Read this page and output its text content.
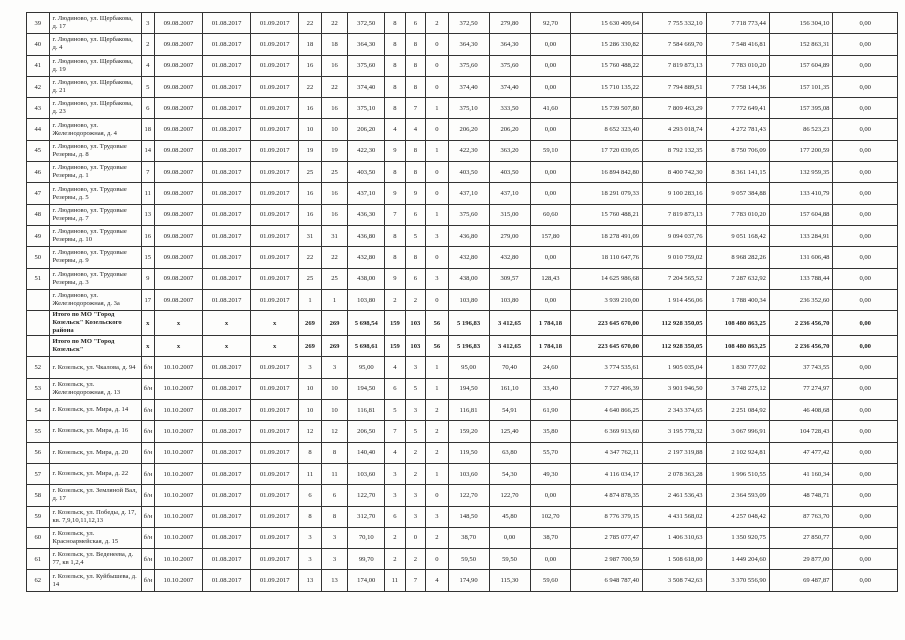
39	г. Людиново, ул. Щербакова, д. 17	3	09.08.2007	01.08.2017	01.09.2017	22	22	372,50	8	6	2	372,50	279,80	92,70	15 630 409,64	7 755 332,10	7 718 773,44	156 304,10	0,00
40	г. Людиново, ул. Щербакова, д. 4	2	09.08.2007	01.08.2017	01.09.2017	18	18	364,30	8	8	0	364,30	364,30	0,00	15 286 330,82	7 584 669,70	7 548 416,81	152 863,31	0,00
41	г. Людиново, ул. Щербакова, д. 19	4	09.08.2007	01.08.2017	01.09.2017	16	16	375,60	8	8	0	375,60	375,60	0,00	15 760 488,22	7 819 873,13	7 783 010,20	157 604,89	0,00
42	г. Людиново, ул. Щербакова, д. 21	5	09.08.2007	01.08.2017	01.09.2017	22	22	374,40	8	8	0	374,40	374,40	0,00	15 710 135,22	7 794 889,51	7 758 144,36	157 101,35	0,00
43	г. Людиново, ул. Щербакова, д. 23	6	09.08.2007	01.08.2017	01.09.2017	16	16	375,10	8	7	1	375,10	333,50	41,60	15 739 507,80	7 809 463,29	7 772 649,41	157 395,08	0,00
44	г. Людиново, ул. Железнодорожная, д. 4	18	09.08.2007	01.08.2017	01.09.2017	10	10	206,20	4	4	0	206,20	206,20	0,00	8 652 323,40	4 293 018,74	4 272 781,43	86 523,23	0,00
45	г. Людиново, ул. Трудовые Резервы, д. 8	14	09.08.2007	01.08.2017	01.09.2017	19	19	422,30	9	8	1	422,30	363,20	59,10	17 720 039,05	8 792 132,35	8 750 706,09	177 200,59	0,00
46	г. Людиново, ул. Трудовые Резервы, д. 1	7	09.08.2007	01.08.2017	01.09.2017	25	25	403,50	8	8	0	403,50	403,50	0,00	16 894 842,80	8 400 742,30	8 361 141,15	132 959,35	0,00
47	г. Людиново, ул. Трудовые Резервы, д. 5	11	09.08.2007	01.08.2017	01.09.2017	16	16	437,10	9	9	0	437,10	437,10	0,00	18 291 079,33	9 100 283,16	9 057 384,88	133 410,79	0,00
48	г. Людиново, ул. Трудовые Резервы, д. 7	13	09.08.2007	01.08.2017	01.09.2017	16	16	436,30	7	6	1	375,60	315,00	60,60	15 760 488,21	7 819 873,13	7 783 010,20	157 604,88	0,00
49	г. Людиново, ул. Трудовые Резервы, д. 10	16	09.08.2007	01.08.2017	01.09.2017	31	31	436,80	8	5	3	436,80	279,00	157,80	18 278 491,09	9 094 037,76	9 051 168,42	133 284,91	0,00
50	г. Людиново, ул. Трудовые Резервы, д. 9	15	09.08.2007	01.08.2017	01.09.2017	22	22	432,80	8	8	0	432,80	432,80	0,00	18 110 647,76	9 010 759,02	8 968 282,26	131 606,48	0,00
51	г. Людиново, ул. Трудовые Резервы, д. 3	9	09.08.2007	01.08.2017	01.09.2017	25	25	438,00	9	6	3	438,00	309,57	128,43	14 625 986,68	7 204 565,52	7 287 632,92	133 788,44	0,00
	г. Людиново, ул. Железнодорожная, д. 3а	17	09.08.2007	01.08.2017	01.09.2017	1	1	103,80	2	2	0	103,80	103,80	0,00	3 939 210,00	1 914 456,06	1 788 400,34	236 352,60	0,00
	Итого по МО "Город Козельск" Козельского района	x	x	x	x	269	269	5 698,54	159	103	56	5 196,83	3 412,65	1 784,18	223 645 670,00	112 928 350,05	108 480 863,25	2 236 456,70	0,00
	Итого по МО "Город Козельск"	x	x	x	x	269	269	5 698,61	159	103	56	5 196,83	3 412,65	1 784,18	223 645 670,00	112 928 350,05	108 480 863,25	2 236 456,70	0,00
52	г. Козельск, ул. Чкалова, д. 94	б/н	10.10.2007	01.08.2017	01.09.2017	3	3	95,00	4	3	1	95,00	70,40	24,60	3 774 535,61	1 905 035,04	1 830 777,02	37 743,55	0,00
53	г. Козельск, ул. Железнодорожная, д. 13	б/н	10.10.2007	01.08.2017	01.09.2017	10	10	194,50	6	5	1	194,50	161,10	33,40	7 727 496,39	3 901 946,50	3 748 275,12	77 274,97	0,00
54	г. Козельск, ул. Мира, д. 14	б/н	10.10.2007	01.08.2017	01.09.2017	10	10	116,81	5	3	2	116,81	54,91	61,90	4 640 866,25	2 343 374,65	2 251 084,92	46 408,68	0,00
55	г. Козельск, ул. Мира, д. 16	б/н	10.10.2007	01.08.2017	01.09.2017	12	12	206,50	7	5	2	159,20	125,40	35,80	6 369 913,60	3 195 778,32	3 067 996,91	104 728,43	0,00
56	г. Козельск, ул. Мира, д. 20	б/н	10.10.2007	01.08.2017	01.09.2017	8	8	140,40	4	2	2	119,50	63,80	55,70	4 347 762,11	2 197 319,88	2 102 924,81	47 477,42	0,00
57	г. Козельск, ул. Мира, д. 22	б/н	10.10.2007	01.08.2017	01.09.2017	11	11	103,60	3	2	1	103,60	54,30	49,30	4 116 034,17	2 078 363,28	1 996 510,55	41 160,34	0,00
58	г. Козельск, ул. Земляной Вал, д. 17	б/н	10.10.2007	01.08.2017	01.09.2017	6	6	122,70	3	3	0	122,70	122,70	0,00	4 874 878,35	2 461 536,43	2 364 593,09	48 748,71	0,00
59	г. Козельск, ул. Победы, д. 17, кв. 7,9,10,11,12,13	б/н	10.10.2007	01.08.2017	01.09.2017	8	8	312,70	6	3	3	148,50	45,80	102,70	8 776 379,15	4 431 568,02	4 257 048,42	87 763,70	0,00
60	г. Козельск, ул. Красноармейская, д. 15	б/н	10.10.2007	01.08.2017	01.09.2017	3	3	70,10	2	0	2	38,70	0,00	38,70	2 785 077,47	1 406 310,63	1 350 920,75	27 850,77	0,00
61	г. Козельск, ул. Веденеева, д. 77, кв 1,2,4	б/н	10.10.2007	01.08.2017	01.09.2017	3	3	99,70	2	2	0	59,50	59,50	0,00	2 987 700,59	1 508 618,00	1 449 204,60	29 877,00	0,00
62	г. Козельск, ул. Куйбышева, д. 14	б/н	10.10.2007	01.08.2017	01.09.2017	13	13	174,00	11	7	4	174,90	115,30	59,60	6 948 787,40	3 508 742,63	3 370 556,90	69 487,87	0,00
